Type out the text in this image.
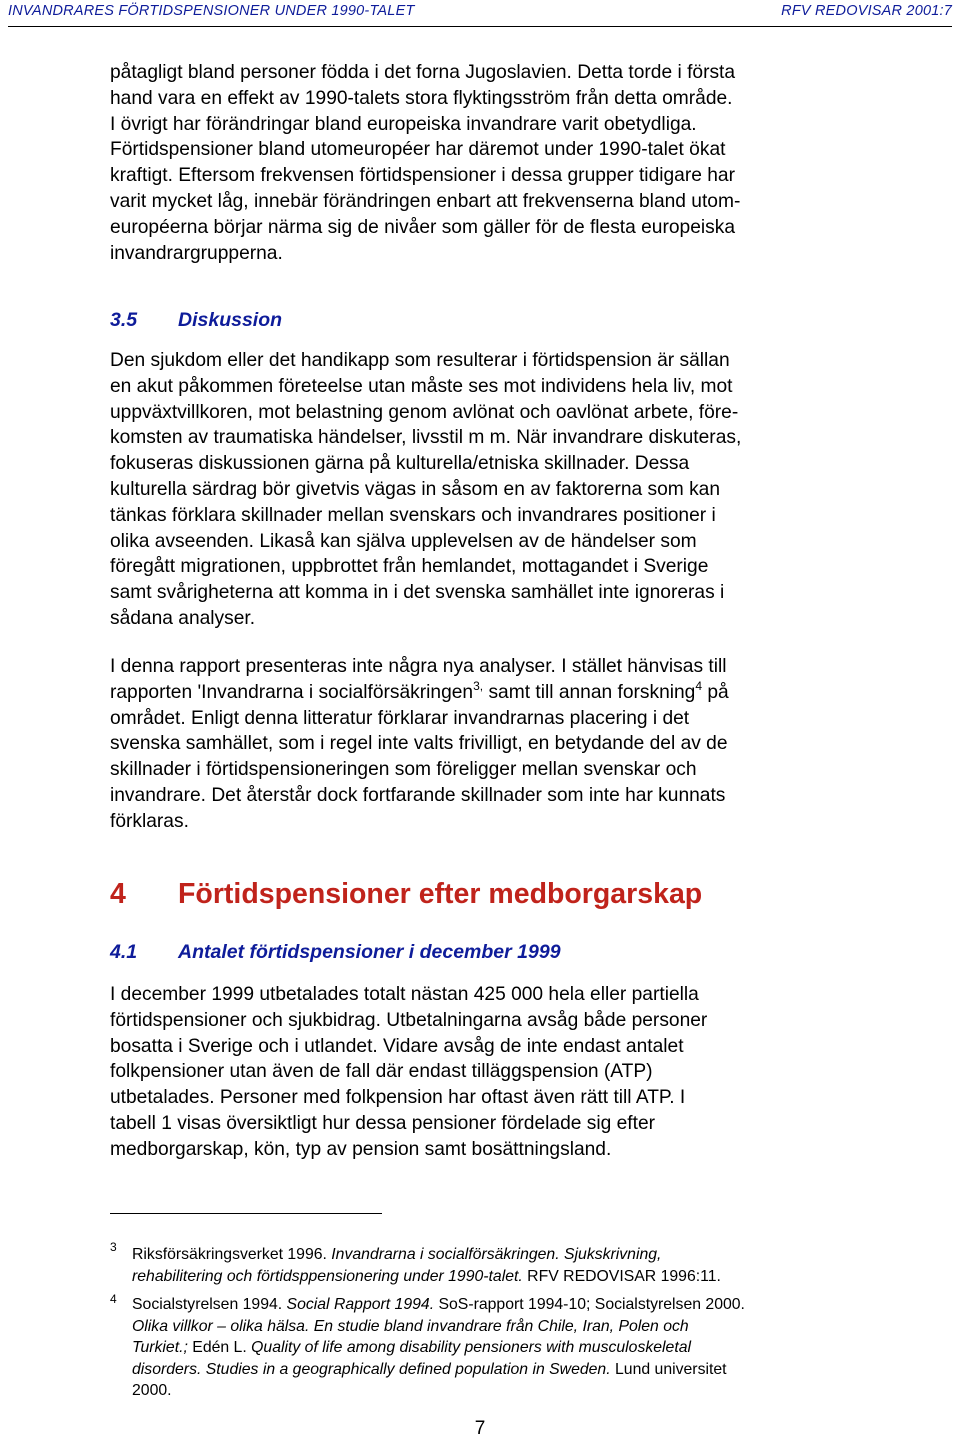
INVANDRARES FÖRTIDSPENSIONER UNDER 1990-TALET	RFV REDOVISAR 2001:7

påtagligt bland personer födda i det forna Jugoslavien. Detta torde i första
hand vara en effekt av 1990-talets stora flyktingsström från detta område.
I övrigt har förändringar bland europeiska invandrare varit obetydliga.
Förtidspensioner bland utomeuropéer har däremot under 1990-talet ökat
kraftigt. Eftersom frekvensen förtidspensioner i dessa grupper tidigare har
varit mycket låg, innebär förändringen enbart att frekvenserna bland utom-
européerna börjar närma sig de nivåer som gäller för de flesta europeiska
invandrargrupperna.

3.5 Diskussion

Den sjukdom eller det handikapp som resulterar i förtidspension är sällan
en akut påkommen företeelse utan måste ses mot individens hela liv, mot
uppväxtvillkoren, mot belastning genom avlönat och oavlönat arbete, före-
komsten av traumatiska händelser, livsstil m m. När invandrare diskuteras,
fokuseras diskussionen gärna på kulturella/etniska skillnader. Dessa
kulturella särdrag bör givetvis vägas in såsom en av faktorerna som kan
tänkas förklara skillnader mellan svenskars och invandrares positioner i
olika avseenden. Likaså kan själva upplevelsen av de händelser som
föregått migrationen, uppbrottet från hemlandet, mottagandet i Sverige
samt svårigheterna att komma in i det svenska samhället inte ignoreras i
sådana analyser.

I denna rapport presenteras inte några nya analyser. I stället hänvisas till
rapporten 'Invandrarna i socialförsäkringen$^{3,}$ samt till annan forskning$^4$ på
området. Enligt denna litteratur förklarar invandrarnas placering i det
svenska samhället, som i regel inte valts frivilligt, en betydande del av de
skillnader i förtidspensioneringen som föreligger mellan svenskar och
invandrare. Det återstår dock fortfarande skillnader som inte har kunnats
förklaras.

4 Förtidspensioner efter medborgarskap
4.1 Antalet förtidspensioner i december 1999

I december 1999 utbetalades totalt nästan 425 000 hela eller partiella
förtidspensioner och sjukbidrag. Utbetalningarna avsåg både personer
bosatta i Sverige och i utlandet. Vidare avsåg de inte endast antalet
folkpensioner utan även de fall där endast tilläggspension (ATP)
utbetalades. Personer med folkpension har oftast även rätt till ATP. I
tabell 1 visas översiktligt hur dessa pensioner fördelade sig efter
medborgarskap, kön, typ av pension samt bosättningsland.

3 Riksförsäkringsverket 1996. Invandrarna i socialförsäkringen. Sjukskrivning,
rehabilitering och förtidsppensionering under 1990-talet. RFV REDOVISAR 1996:11.

4 Socialstyrelsen 1994. Social Rapport 1994. SoS-rapport 1994-10; Socialstyrelsen 2000.
Olika villkor – olika hälsa. En studie bland invandrare från Chile, Iran, Polen och
Turkiet.; Edén L. Quality of life among disability pensioners with musculoskeletal
disorders. Studies in a geographically defined population in Sweden. Lund universitet
2000.

7
